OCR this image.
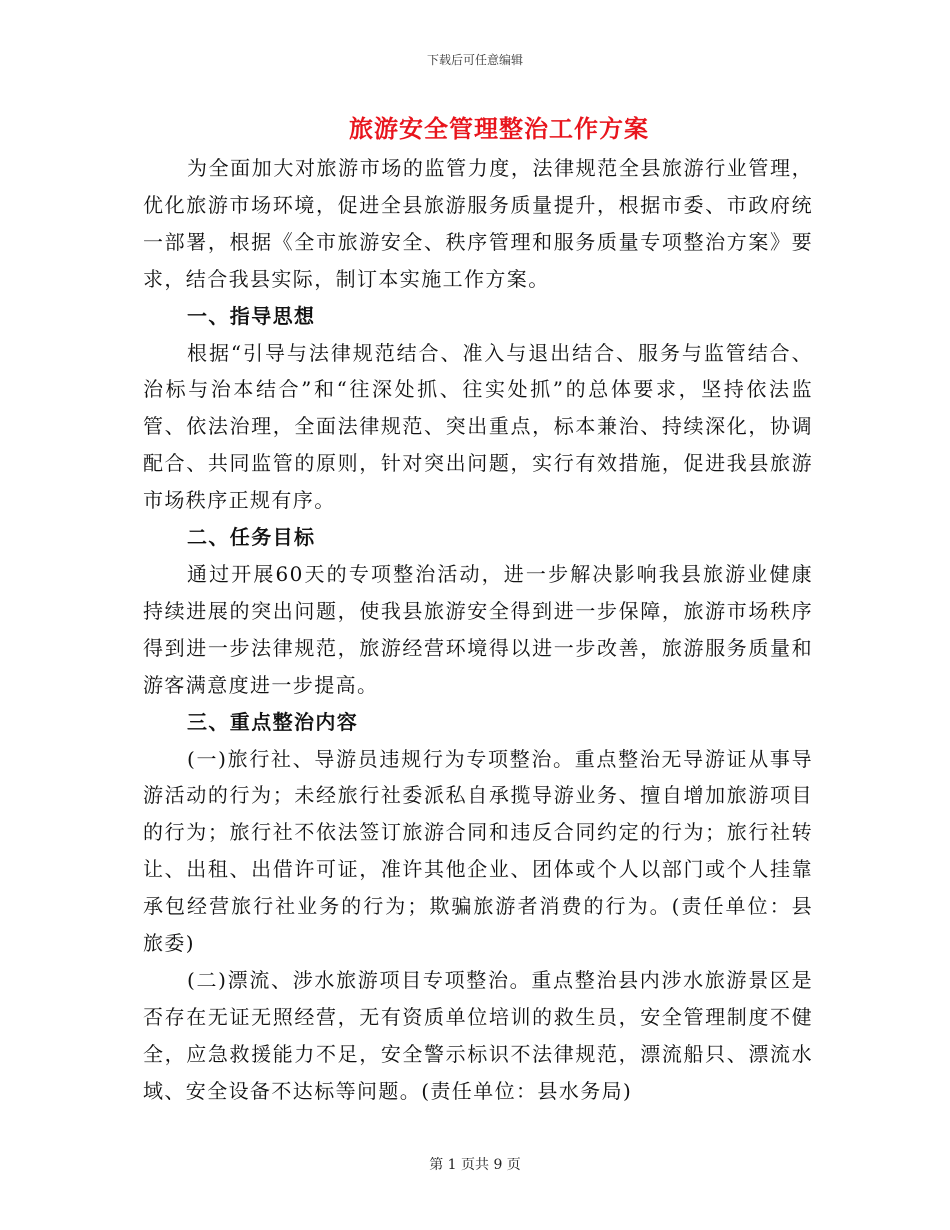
下载后可任意编辑
旅游安全管理整治工作方案

为全面加大对旅游市场的监管力度，法律规范全县旅游行业管理，优化旅游市场环境，促进全县旅游服务质量提升，根据市委、市政府统一部署，根据《全市旅游安全、秩序管理和服务质量专项整治方案》要求，结合我县实际，制订本实施工作方案。

一、指导思想

根据“引导与法律规范结合、准入与退出结合、服务与监管结合、治标与治本结合”和“往深处抓、往实处抓”的总体要求，坚持依法监管、依法治理，全面法律规范、突出重点，标本兼治、持续深化，协调配合、共同监管的原则，针对突出问题，实行有效措施，促进我县旅游市场秩序正规有序。

二、任务目标

通过开展60天的专项整治活动，进一步解决影响我县旅游业健康持续进展的突出问题，使我县旅游安全得到进一步保障，旅游市场秩序得到进一步法律规范，旅游经营环境得以进一步改善，旅游服务质量和游客满意度进一步提高。

三、重点整治内容

(一)旅行社、导游员违规行为专项整治。重点整治无导游证从事导游活动的行为；未经旅行社委派私自承揽导游业务、擅自增加旅游项目的行为；旅行社不依法签订旅游合同和违反合同约定的行为；旅行社转让、出租、出借许可证，准许其他企业、团体或个人以部门或个人挂靠承包经营旅行社业务的行为；欺骗旅游者消费的行为。(责任单位：县旅委)

(二)漂流、涉水旅游项目专项整治。重点整治县内涉水旅游景区是否存在无证无照经营，无有资质单位培训的救生员，安全管理制度不健全，应急救援能力不足，安全警示标识不法律规范，漂流船只、漂流水域、安全设备不达标等问题。(责任单位：县水务局)

第 1 页共 9 页
